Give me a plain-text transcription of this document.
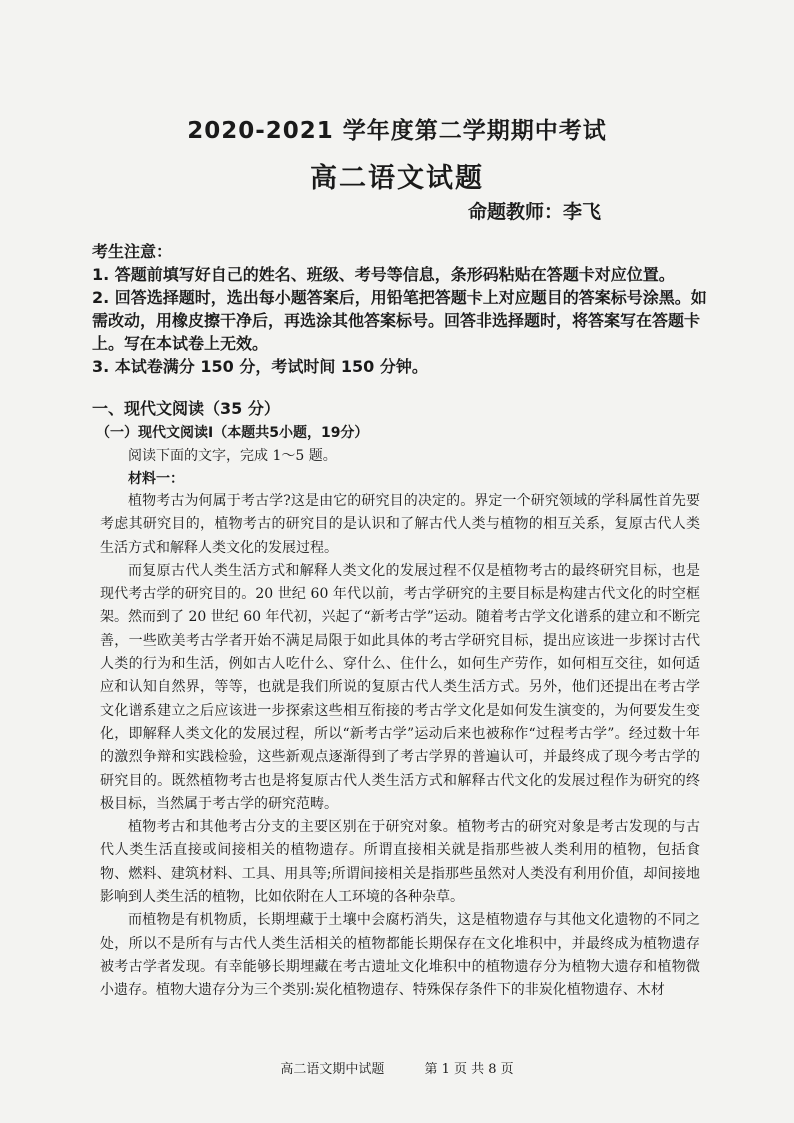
2020-2021 学年度第二学期期中考试
高二语文试题
命题教师：李飞

考生注意：

1. 答题前填写好自己的姓名、班级、考号等信息，条形码粘贴在答题卡对应位置。

2. 回答选择题时，选出每小题答案后，用铅笔把答题卡上对应题目的答案标号涂黑。如需改动，用橡皮擦干净后，再选涂其他答案标号。回答非选择题时，将答案写在答题卡上。写在本试卷上无效。

3. 本试卷满分 150 分，考试时间 150 分钟。

一、现代文阅读（35 分）
（一）现代文阅读Ⅰ（本题共5小题，19分）
阅读下面的文字，完成 1～5 题。
材料一：

植物考古为何属于考古学?这是由它的研究目的决定的。界定一个研究领域的学科属性首先要考虑其研究目的，植物考古的研究目的是认识和了解古代人类与植物的相互关系，复原古代人类生活方式和解释人类文化的发展过程。

而复原古代人类生活方式和解释人类文化的发展过程不仅是植物考古的最终研究目标，也是现代考古学的研究目的。20 世纪 60 年代以前，考古学研究的主要目标是构建古代文化的时空框架。然而到了 20 世纪 60 年代初，兴起了“新考古学”运动。随着考古学文化谱系的建立和不断完善，一些欧美考古学者开始不满足局限于如此具体的考古学研究目标，提出应该进一步探讨古代人类的行为和生活，例如古人吃什么、穿什么、住什么，如何生产劳作，如何相互交往，如何适应和认知自然界，等等，也就是我们所说的复原古代人类生活方式。另外，他们还提出在考古学文化谱系建立之后应该进一步探索这些相互衔接的考古学文化是如何发生演变的，为何要发生变化，即解释人类文化的发展过程，所以“新考古学”运动后来也被称作“过程考古学”。经过数十年的激烈争辩和实践检验，这些新观点逐渐得到了考古学界的普遍认可，并最终成了现今考古学的研究目的。既然植物考古也是将复原古代人类生活方式和解释古代文化的发展过程作为研究的终极目标，当然属于考古学的研究范畴。

植物考古和其他考古分支的主要区别在于研究对象。植物考古的研究对象是考古发现的与古代人类生活直接或间接相关的植物遗存。所谓直接相关就是指那些被人类利用的植物，包括食物、燃料、建筑材料、工具、用具等;所谓间接相关是指那些虽然对人类没有利用价值，却间接地影响到人类生活的植物，比如依附在人工环境的各种杂草。

而植物是有机物质，长期埋藏于土壤中会腐朽消失，这是植物遗存与其他文化遗物的不同之处，所以不是所有与古代人类生活相关的植物都能长期保存在文化堆积中，并最终成为植物遗存被考古学者发现。有幸能够长期埋藏在考古遗址文化堆积中的植物遗存分为植物大遗存和植物微小遗存。植物大遗存分为三个类别:炭化植物遗存、特殊保存条件下的非炭化植物遗存、木材

高二语文期中试题	第 1 页 共 8 页
